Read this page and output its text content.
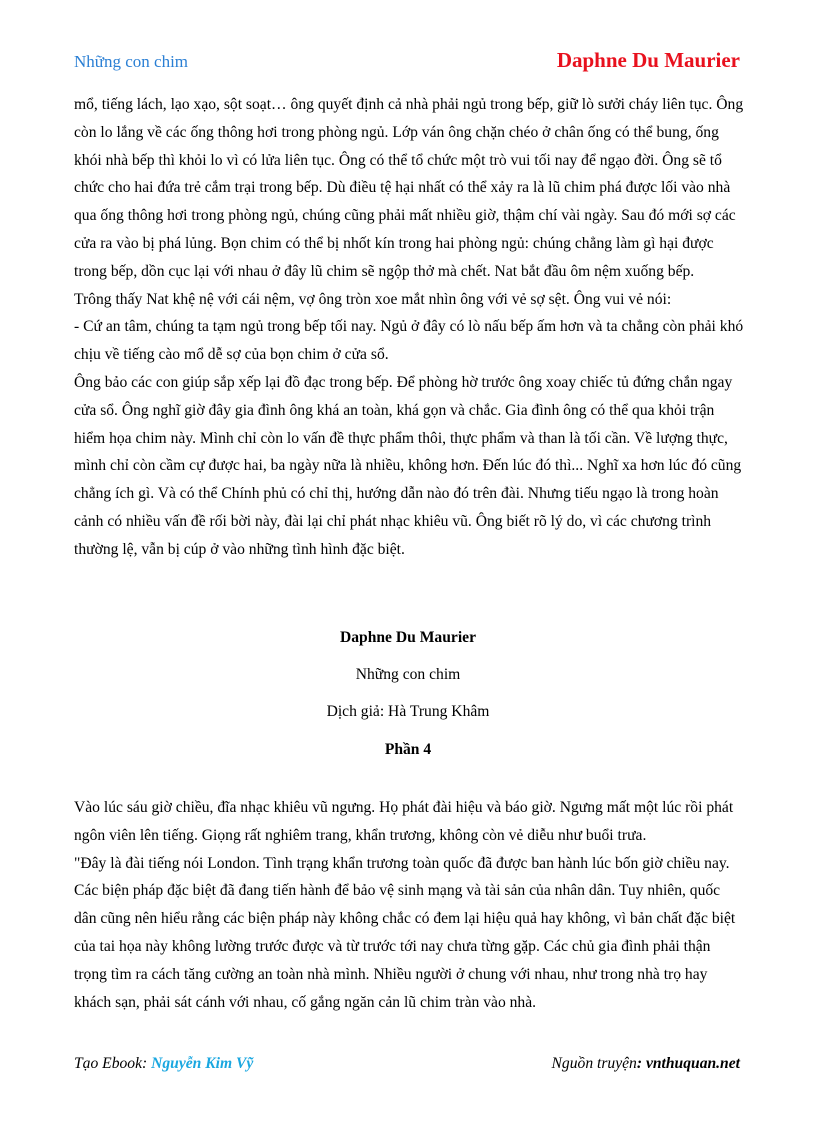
Những con chim	Daphne Du Maurier

mổ, tiếng lách, lạo xạo, sột soạt… ông quyết định cả nhà phải ngủ trong bếp, giữ lò sưởi cháy liên tục. Ông còn lo lắng về các ống thông hơi trong phòng ngủ. Lớp ván ông chặn chéo ở chân ống có thể bung, ống khói nhà bếp thì khỏi lo vì có lửa liên tục. Ông có thể tổ chức một trò vui tối nay để ngạo đời. Ông sẽ tổ chức cho hai đứa trẻ cắm trại trong bếp. Dù điều tệ hại nhất có thể xảy ra là lũ chim phá được lối vào nhà qua ống thông hơi trong phòng ngủ, chúng cũng phải mất nhiều giờ, thậm chí vài ngày. Sau đó mới sợ các cửa ra vào bị phá lủng. Bọn chim có thể bị nhốt kín trong hai phòng ngủ: chúng chẳng làm gì hại được trong bếp, dồn cục lại với nhau ở đây lũ chim sẽ ngộp thở mà chết. Nat bắt đầu ôm nệm xuống bếp.

Trông thấy Nat khệ nệ với cái nệm, vợ ông tròn xoe mắt nhìn ông với vẻ sợ sệt. Ông vui vẻ nói:

- Cứ an tâm, chúng ta tạm ngủ trong bếp tối nay. Ngủ ở đây có lò nấu bếp ấm hơn và ta chẳng còn phải khó chịu về tiếng cào mổ dễ sợ của bọn chim ở cửa sổ.

Ông bảo các con giúp sắp xếp lại đồ đạc trong bếp. Để phòng hờ trước ông xoay chiếc tủ đứng chắn ngay cửa sổ. Ông nghĩ giờ đây gia đình ông khá an toàn, khá gọn và chắc. Gia đình ông có thể qua khỏi trận hiểm họa chim này. Mình chỉ còn lo vấn đề thực phẩm thôi, thực phẩm và than là tối cần. Về lượng thực, mình chỉ còn cầm cự được hai, ba ngày nữa là nhiều, không hơn. Đến lúc đó thì... Nghĩ xa hơn lúc đó cũng chẳng ích gì. Và có thể Chính phủ có chỉ thị, hướng dẫn nào đó trên đài. Nhưng tiếu ngạo là trong hoàn cảnh có nhiều vấn đề rối bời này, đài lại chỉ phát nhạc khiêu vũ. Ông biết rõ lý do, vì các chương trình thường lệ, vẫn bị cúp ở vào những tình hình đặc biệt.

Daphne Du Maurier
Những con chim
Dịch giả: Hà Trung Khâm
Phần 4

Vào lúc sáu giờ chiều, đĩa nhạc khiêu vũ ngưng. Họ phát đài hiệu và báo giờ. Ngưng mất một lúc rồi phát ngôn viên lên tiếng. Giọng rất nghiêm trang, khẩn trương, không còn vẻ diễu như buổi trưa.

"Đây là đài tiếng nói London. Tình trạng khẩn trương toàn quốc đã được ban hành lúc bốn giờ chiều nay. Các biện pháp đặc biệt đã đang tiến hành để bảo vệ sinh mạng và tài sản của nhân dân. Tuy nhiên, quốc dân cũng nên hiểu rằng các biện pháp này không chắc có đem lại hiệu quả hay không, vì bản chất đặc biệt của tai họa này không lường trước được và từ trước tới nay chưa từng gặp. Các chủ gia đình phải thận trọng tìm ra cách tăng cường an toàn nhà mình. Nhiều người ở chung với nhau, như trong nhà trọ hay khách sạn, phải sát cánh với nhau, cố gắng ngăn cản lũ chim tràn vào nhà.

Tạo Ebook: Nguyễn Kim Vỹ	Nguồn truyện: vnthuquan.net
